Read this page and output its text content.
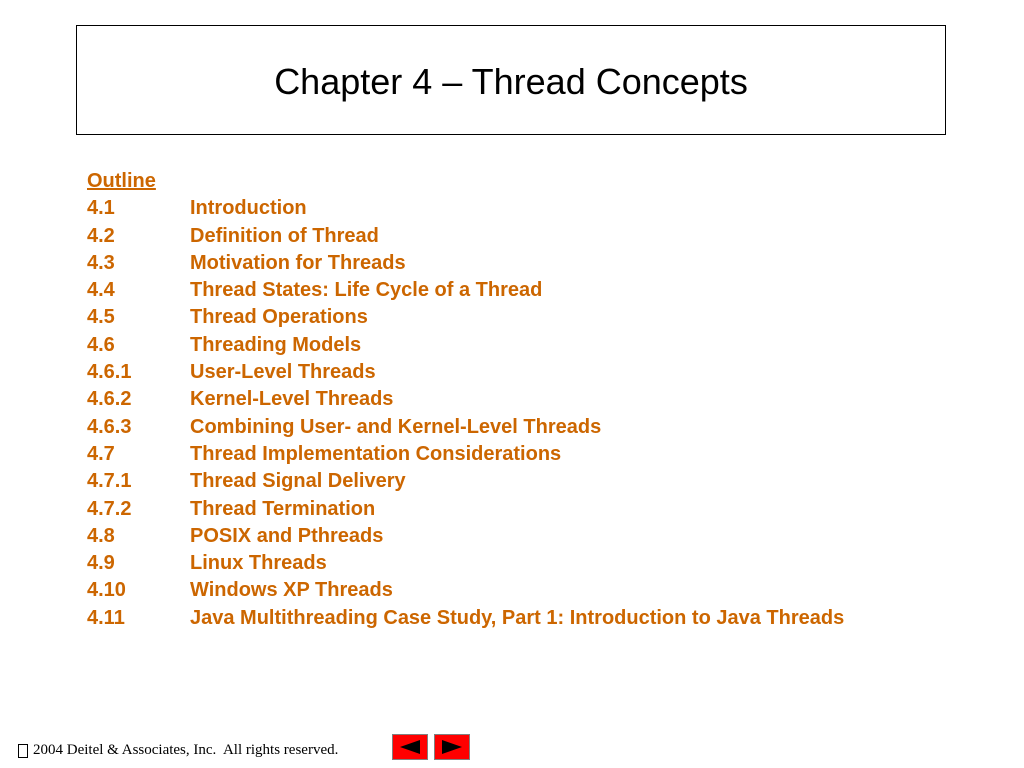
Chapter 4 – Thread Concepts
Outline
4.1	Introduction
4.2	Definition of Thread
4.3	Motivation for Threads
4.4	Thread States: Life Cycle of a Thread
4.5	Thread Operations
4.6	Threading Models
4.6.1	User-Level Threads
4.6.2	Kernel-Level Threads
4.6.3	Combining User- and Kernel-Level Threads
4.7	Thread Implementation Considerations
4.7.1	Thread Signal Delivery
4.7.2	Thread Termination
4.8	POSIX and Pthreads
4.9	Linux Threads
4.10	Windows XP Threads
4.11	Java Multithreading Case Study, Part 1: Introduction to Java Threads
2004 Deitel & Associates, Inc.  All rights reserved.
